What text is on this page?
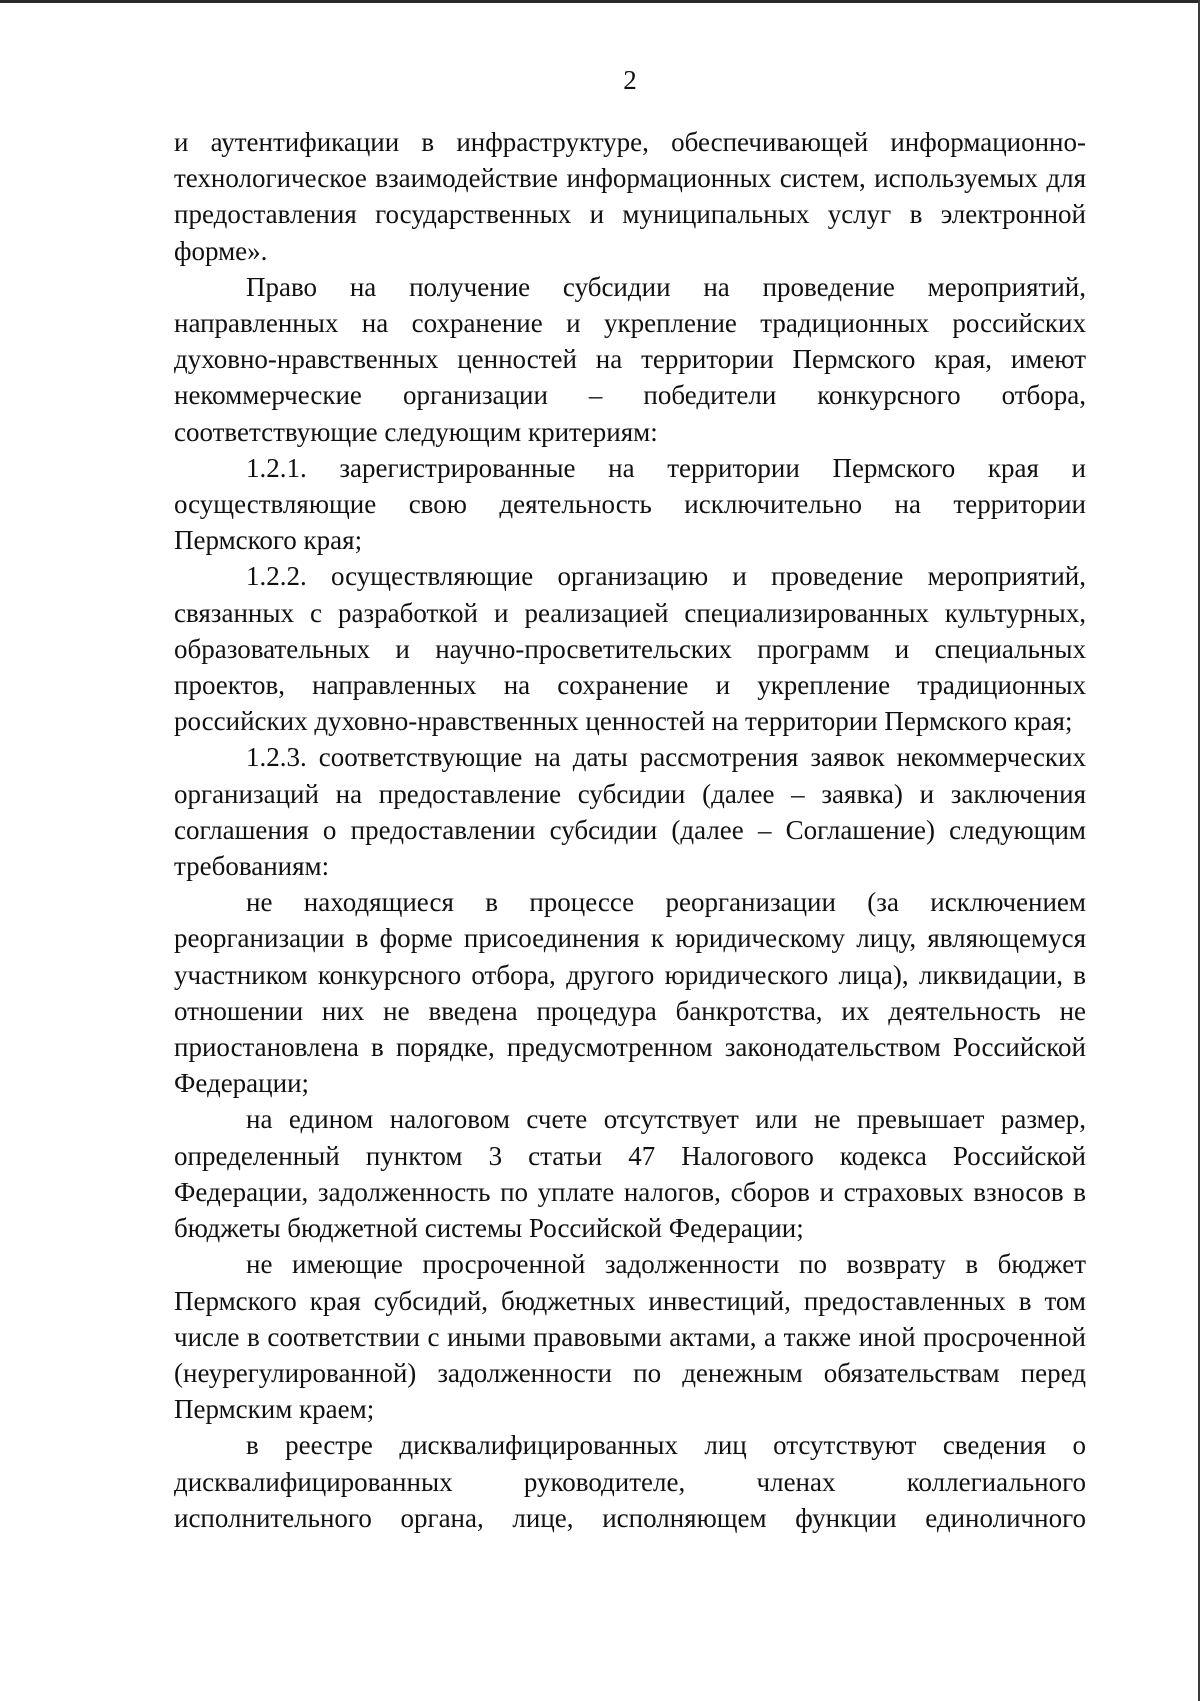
2

и аутентификации в инфраструктуре, обеспечивающей информационно-технологическое взаимодействие информационных систем, используемых для предоставления государственных и муниципальных услуг в электронной форме».

Право на получение субсидии на проведение мероприятий, направленных на сохранение и укрепление традиционных российских духовно-нравственных ценностей на территории Пермского края, имеют некоммерческие организации – победители конкурсного отбора, соответствующие следующим критериям:

1.2.1. зарегистрированные на территории Пермского края и осуществляющие свою деятельность исключительно на территории Пермского края;

1.2.2. осуществляющие организацию и проведение мероприятий, связанных с разработкой и реализацией специализированных культурных, образовательных и научно-просветительских программ и специальных проектов, направленных на сохранение и укрепление традиционных российских духовно-нравственных ценностей на территории Пермского края;

1.2.3. соответствующие на даты рассмотрения заявок некоммерческих организаций на предоставление субсидии (далее – заявка) и заключения соглашения о предоставлении субсидии (далее – Соглашение) следующим требованиям:

не находящиеся в процессе реорганизации (за исключением реорганизации в форме присоединения к юридическому лицу, являющемуся участником конкурсного отбора, другого юридического лица), ликвидации, в отношении них не введена процедура банкротства, их деятельность не приостановлена в порядке, предусмотренном законодательством Российской Федерации;

на едином налоговом счете отсутствует или не превышает размер, определенный пунктом 3 статьи 47 Налогового кодекса Российской Федерации, задолженность по уплате налогов, сборов и страховых взносов в бюджеты бюджетной системы Российской Федерации;

не имеющие просроченной задолженности по возврату в бюджет Пермского края субсидий, бюджетных инвестиций, предоставленных в том числе в соответствии с иными правовыми актами, а также иной просроченной (неурегулированной) задолженности по денежным обязательствам перед Пермским краем;

в реестре дисквалифицированных лиц отсутствуют сведения о дисквалифицированных руководителе, членах коллегиального исполнительного органа, лице, исполняющем функции единоличного
